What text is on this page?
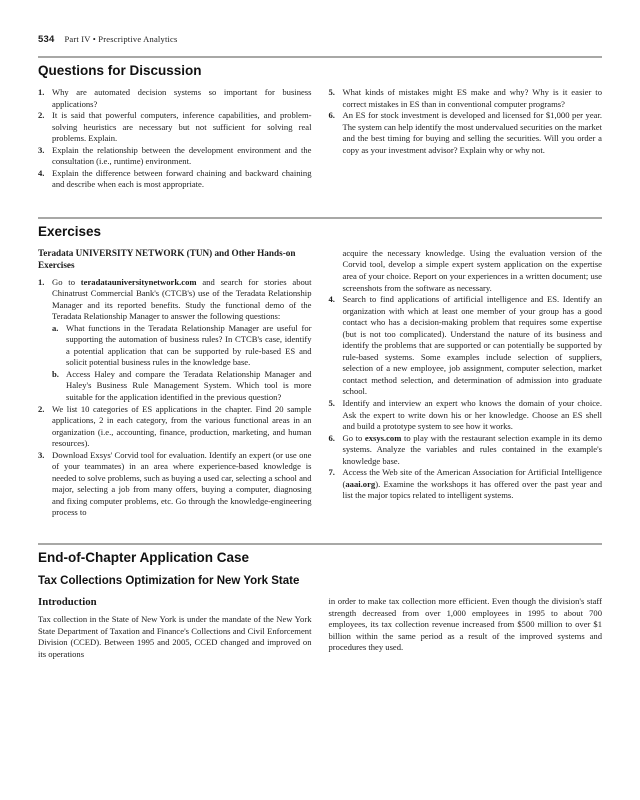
534 Part IV • Prescriptive Analytics
Questions for Discussion
1. Why are automated decision systems so important for business applications?
2. It is said that powerful computers, inference capabilities, and problem-solving heuristics are necessary but not sufficient for solving real problems. Explain.
3. Explain the relationship between the development environment and the consultation (i.e., runtime) environment.
4. Explain the difference between forward chaining and backward chaining and describe when each is most appropriate.
5. What kinds of mistakes might ES make and why? Why is it easier to correct mistakes in ES than in conventional computer programs?
6. An ES for stock investment is developed and licensed for $1,000 per year. The system can help identify the most undervalued securities on the market and the best timing for buying and selling the securities. Will you order a copy as your investment advisor? Explain why or why not.
Exercises
Teradata UNIVERSITY NETWORK (TUN) and Other Hands-on Exercises
1. Go to teradatauniversitynetwork.com and search for stories about Chinatrust Commercial Bank's (CTCB's) use of the Teradata Relationship Manager and its reported benefits. Study the functional demo of the Teradata Relationship Manager to answer the following questions:
a. What functions in the Teradata Relationship Manager are useful for supporting the automation of business rules? In CTCB's case, identify a potential application that can be supported by rule-based ES and solicit potential business rules in the knowledge base.
b. Access Haley and compare the Teradata Relationship Manager and Haley's Business Rule Management System. Which tool is more suitable for the application identified in the previous question?
2. We list 10 categories of ES applications in the chapter. Find 20 sample applications, 2 in each category, from the various functional areas in an organization (i.e., accounting, finance, production, marketing, and human resources).
3. Download Exsys' Corvid tool for evaluation. Identify an expert (or use one of your teammates) in an area where experience-based knowledge is needed to solve problems, such as buying a used car, selecting a school and major, selecting a job from many offers, buying a computer, diagnosing and fixing computer problems, etc. Go through the knowledge-engineering process to
acquire the necessary knowledge. Using the evaluation version of the Corvid tool, develop a simple expert system application on the expertise area of your choice. Report on your experiences in a written document; use screenshots from the software as necessary.
4. Search to find applications of artificial intelligence and ES. Identify an organization with which at least one member of your group has a good contact who has a decision-making problem that requires some expertise (but is not too complicated). Understand the nature of its business and identify the problems that are supported or can potentially be supported by rule-based systems. Some examples include selection of suppliers, selection of a new employee, job assignment, computer selection, market contact method selection, and determination of admission into graduate school.
5. Identify and interview an expert who knows the domain of your choice. Ask the expert to write down his or her knowledge. Choose an ES shell and build a prototype system to see how it works.
6. Go to exsys.com to play with the restaurant selection example in its demo systems. Analyze the variables and rules contained in the example's knowledge base.
7. Access the Web site of the American Association for Artificial Intelligence (aaai.org). Examine the workshops it has offered over the past year and list the major topics related to intelligent systems.
End-of-Chapter Application Case
Tax Collections Optimization for New York State
Introduction

Tax collection in the State of New York is under the mandate of the New York State Department of Taxation and Finance's Collections and Civil Enforcement Division (CCED). Between 1995 and 2005, CCED changed and improved on its operations

in order to make tax collection more efficient. Even though the division's staff strength decreased from over 1,000 employees in 1995 to about 700 employees, its tax collection revenue increased from $500 million to over $1 billion within the same period as a result of the improved systems and procedures they used.
